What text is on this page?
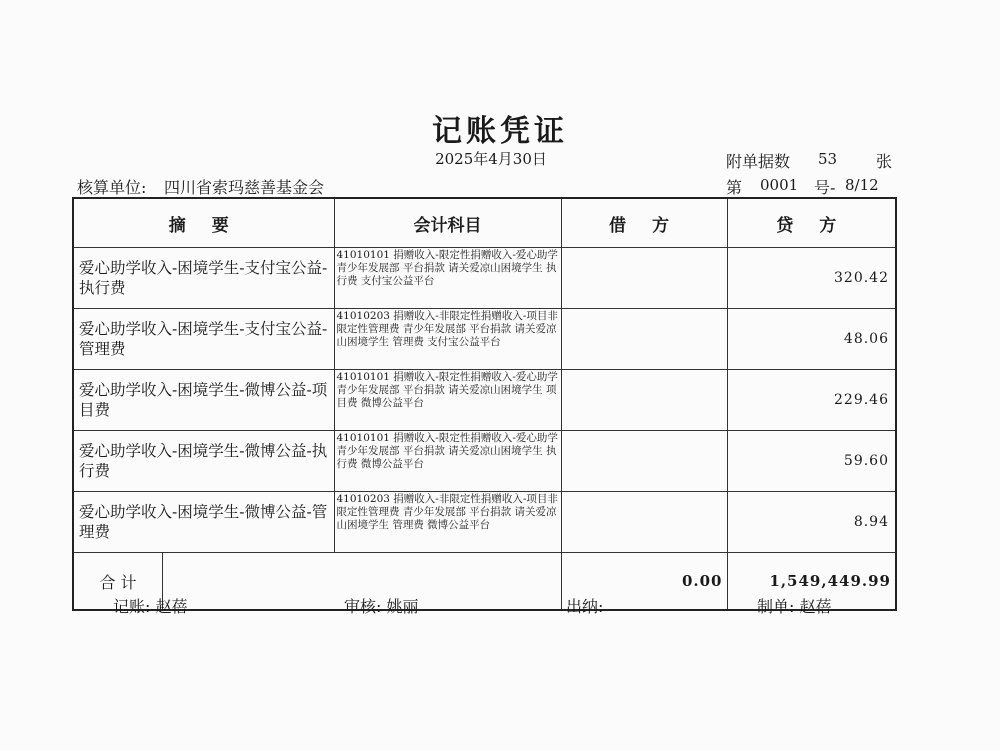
记账凭证
2025年4月30日	附单据数 53 张
核算单位: 四川省索玛慈善基金会	第 0001 号- 8/12
摘 要	会计科目	借 方	贷 方
爱心助学收入-困境学生-支付宝公益-执行费	41010101 捐赠收入-限定性捐赠收入-爱心助学 青少年发展部 平台捐款 请关爱凉山困境学生 执行费 支付宝公益平台		320.42
爱心助学收入-困境学生-支付宝公益-管理费	41010203 捐赠收入-非限定性捐赠收入-项目非限定性管理费 青少年发展部 平台捐款 请关爱凉山困境学生 管理费 支付宝公益平台		48.06
爱心助学收入-困境学生-微博公益-项目费	41010101 捐赠收入-限定性捐赠收入-爱心助学 青少年发展部 平台捐款 请关爱凉山困境学生 项目费 微博公益平台		229.46
爱心助学收入-困境学生-微博公益-执行费	41010101 捐赠收入-限定性捐赠收入-爱心助学 青少年发展部 平台捐款 请关爱凉山困境学生 执行费 微博公益平台		59.60
爱心助学收入-困境学生-微博公益-管理费	41010203 捐赠收入-非限定性捐赠收入-项目非限定性管理费 青少年发展部 平台捐款 请关爱凉山困境学生 管理费 微博公益平台		8.94

合 计		0.00	1,549,449.99
记账: 赵蓓	审核: 姚丽	出纳:	制单: 赵蓓
